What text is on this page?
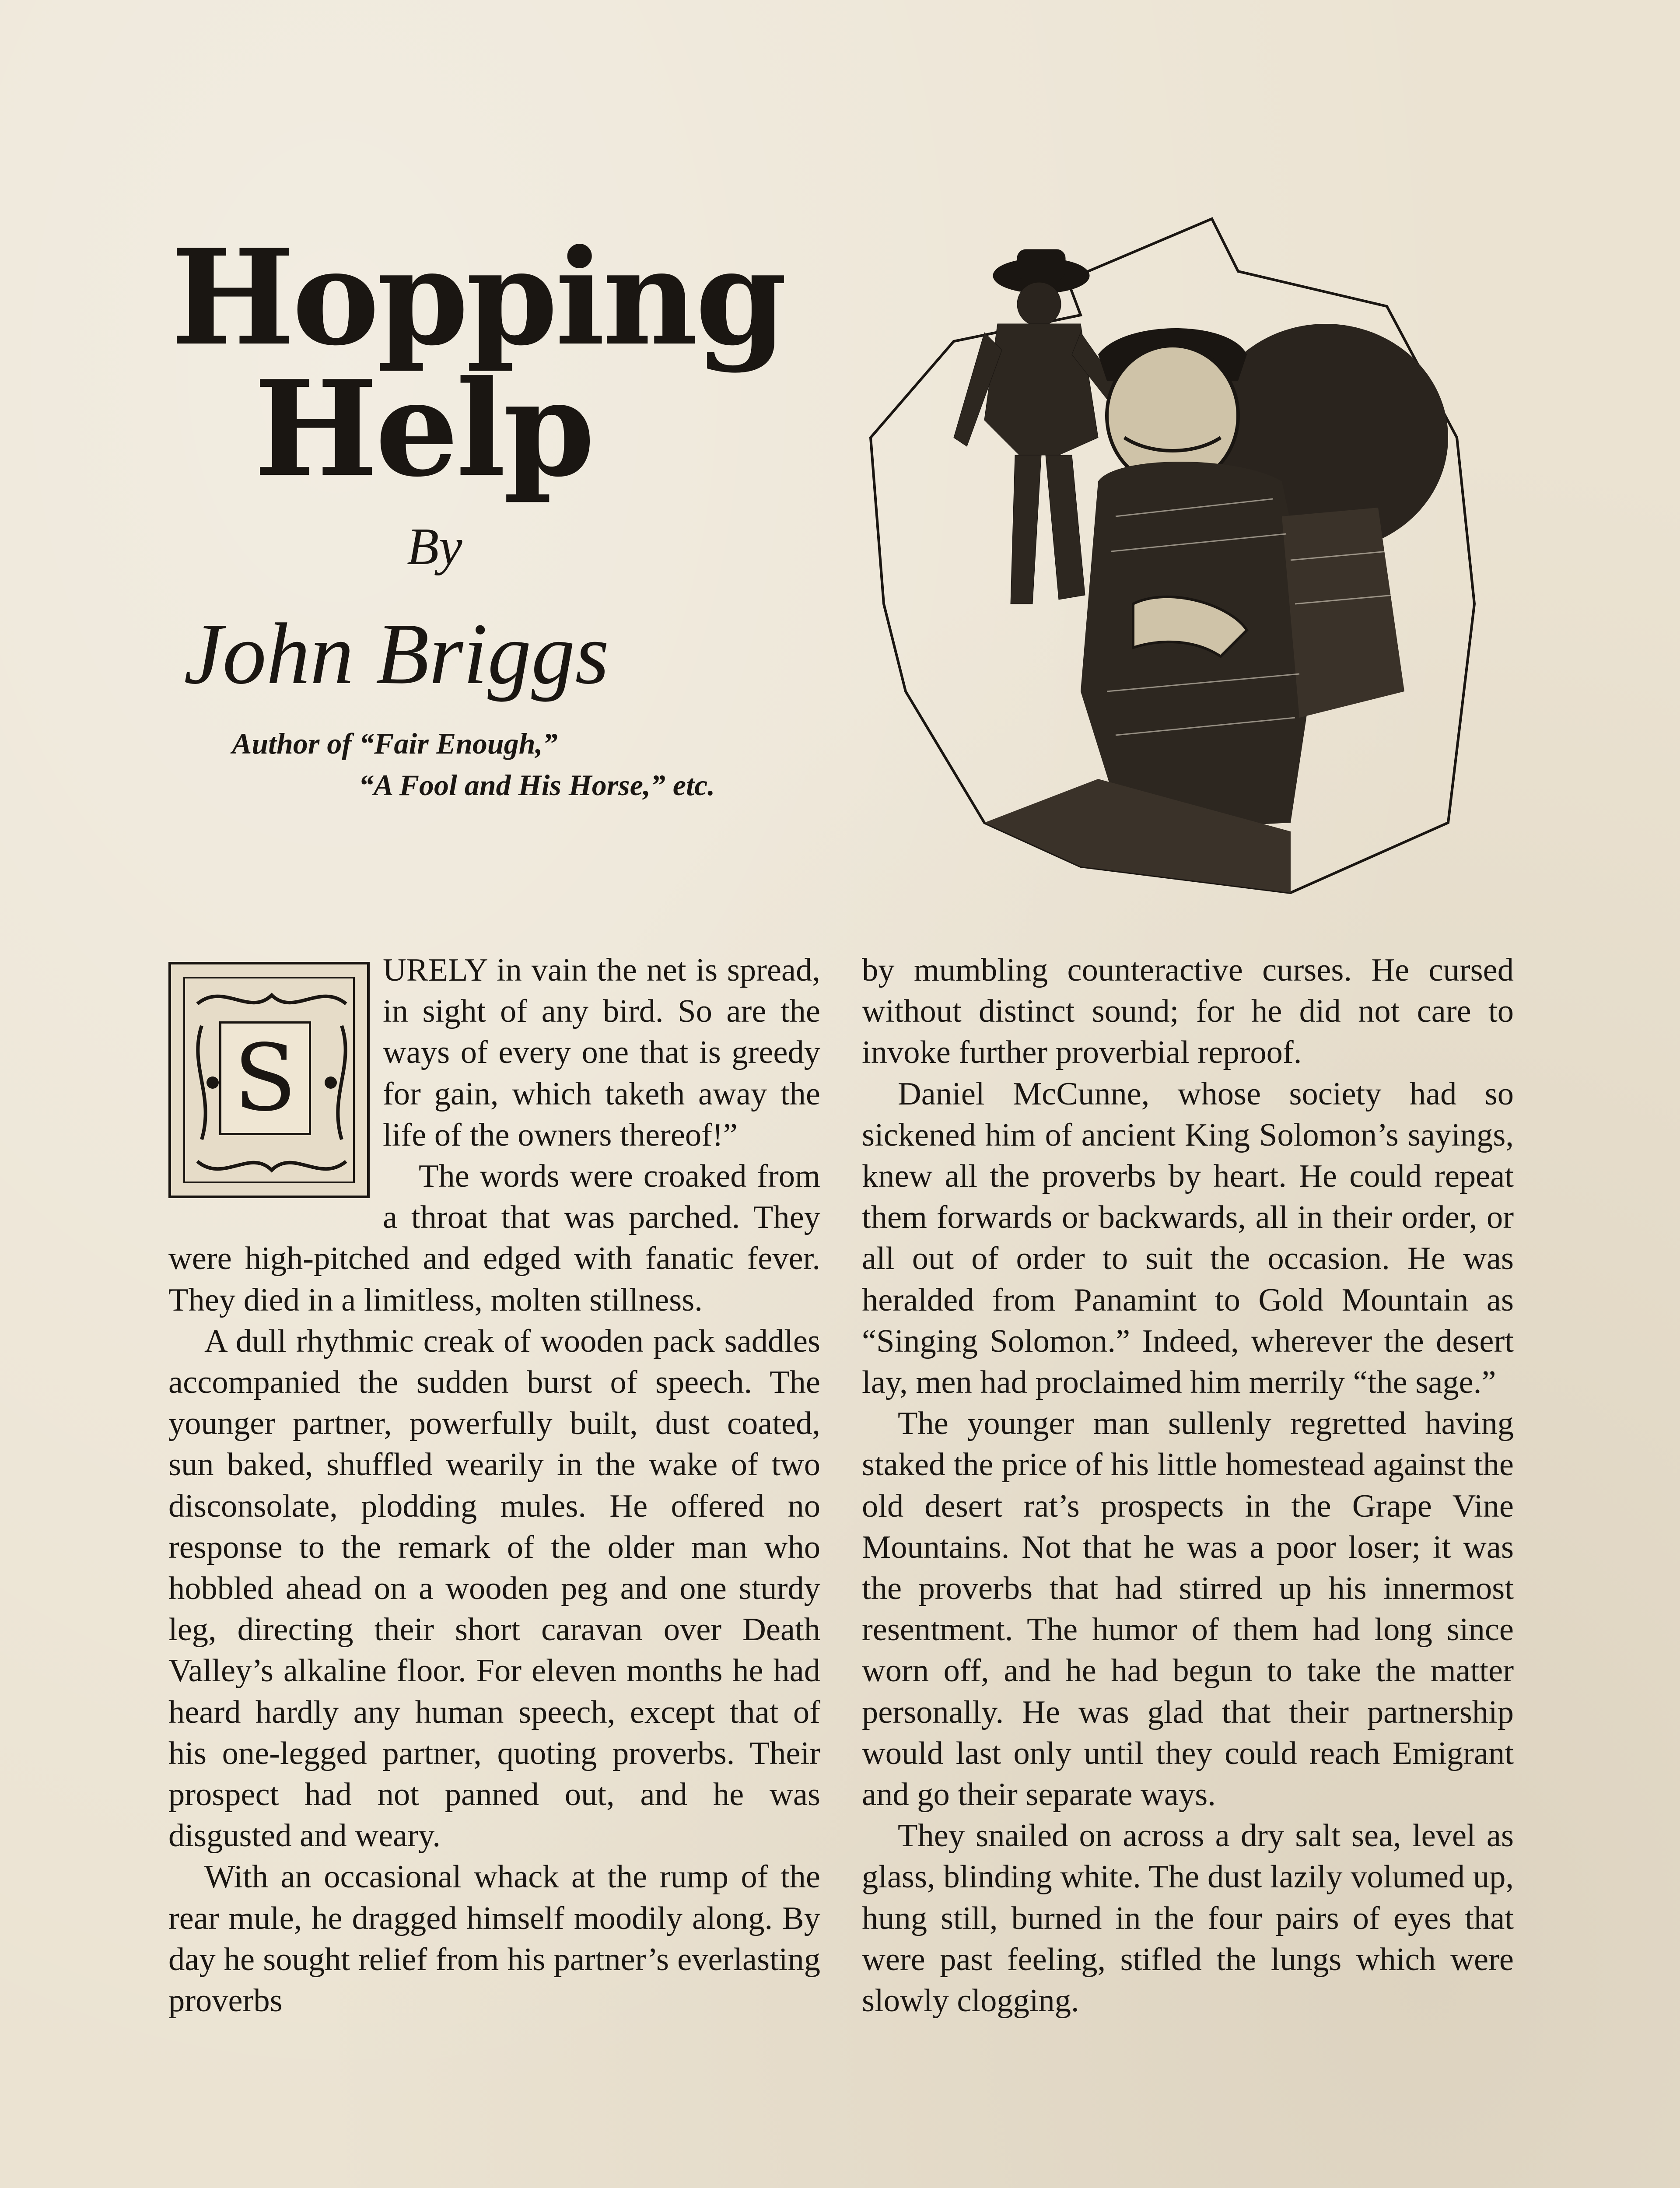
Hopping
Help
By
John Briggs
Author of “Fair Enough,”
“A Fool and His Horse,” etc.
S

URELY in vain the net is spread, in sight of any bird. So are the ways of every one that is greedy for gain, which taketh away the life of the owners thereof!”

The words were croaked from a throat that was parched. They were high-pitched and edged with fanatic fever. They died in a limitless, molten stillness.

A dull rhythmic creak of wooden pack saddles accompanied the sudden burst of speech. The younger partner, powerfully built, dust coated, sun baked, shuffled wearily in the wake of two disconsolate, plodding mules. He offered no response to the remark of the older man who hobbled ahead on a wooden peg and one sturdy leg, directing their short caravan over Death Valley’s alkaline floor. For eleven months he had heard hardly any human speech, except that of his one-legged partner, quoting proverbs. Their prospect had not panned out, and he was disgusted and weary.

With an occasional whack at the rump of the rear mule, he dragged himself moodily along. By day he sought relief from his partner’s everlasting proverbs

by mumbling counteractive curses. He cursed without distinct sound; for he did not care to invoke further proverbial reproof.

Daniel McCunne, whose society had so sickened him of ancient King Solomon’s sayings, knew all the proverbs by heart. He could repeat them forwards or backwards, all in their order, or all out of order to suit the occasion. He was heralded from Panamint to Gold Mountain as “Singing Solomon.” Indeed, wherever the desert lay, men had proclaimed him merrily “the sage.”

The younger man sullenly regretted having staked the price of his little homestead against the old desert rat’s prospects in the Grape Vine Mountains. Not that he was a poor loser; it was the proverbs that had stirred up his innermost resentment. The humor of them had long since worn off, and he had begun to take the matter personally. He was glad that their partnership would last only until they could reach Emigrant and go their separate ways.

They snailed on across a dry salt sea, level as glass, blinding white. The dust lazily volumed up, hung still, burned in the four pairs of eyes that were past feeling, stifled the lungs which were slowly clogging.
